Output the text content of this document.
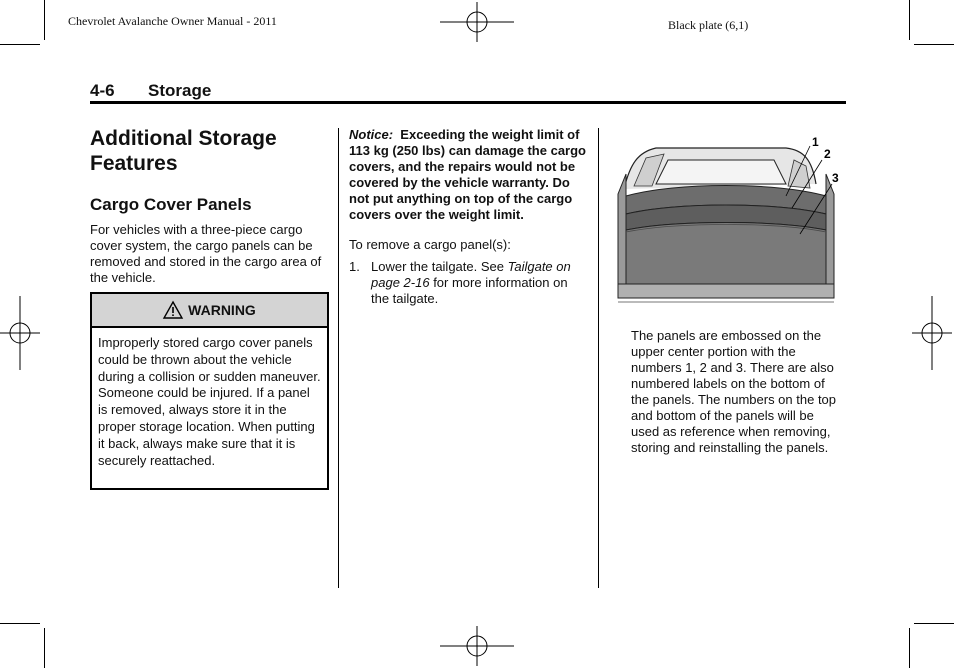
Chevrolet Avalanche Owner Manual - 2011	Black plate (6,1)
4-6 Storage
Additional Storage Features
Cargo Cover Panels

For vehicles with a three-piece cargo cover system, the cargo panels can be removed and stored in the cargo area of the vehicle.

WARNING
Improperly stored cargo cover panels could be thrown about the vehicle during a collision or sudden maneuver. Someone could be injured. If a panel is removed, always store it in the proper storage location. When putting it back, always make sure that it is securely reattached.

Notice: Exceeding the weight limit of 113 kg (250 lbs) can damage the cargo covers, and the repairs would not be covered by the vehicle warranty. Do not put anything on top of the cargo covers over the weight limit.

To remove a cargo panel(s):

1. Lower the tailgate. See Tailgate on page 2-16 for more information on the tailgate.
1
2
3

The panels are embossed on the upper center portion with the numbers 1, 2 and 3. There are also numbered labels on the bottom of the panels. The numbers on the top and bottom of the panels will be used as reference when removing, storing and reinstalling the panels.
